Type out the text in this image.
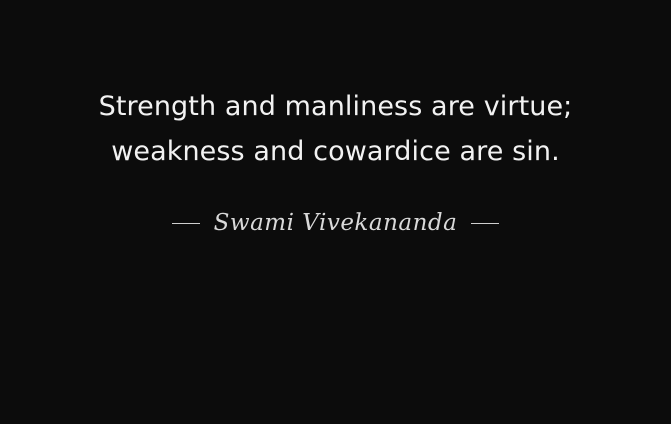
Strength and manliness are virtue;
weakness and cowardice are sin.
Swami Vivekananda
